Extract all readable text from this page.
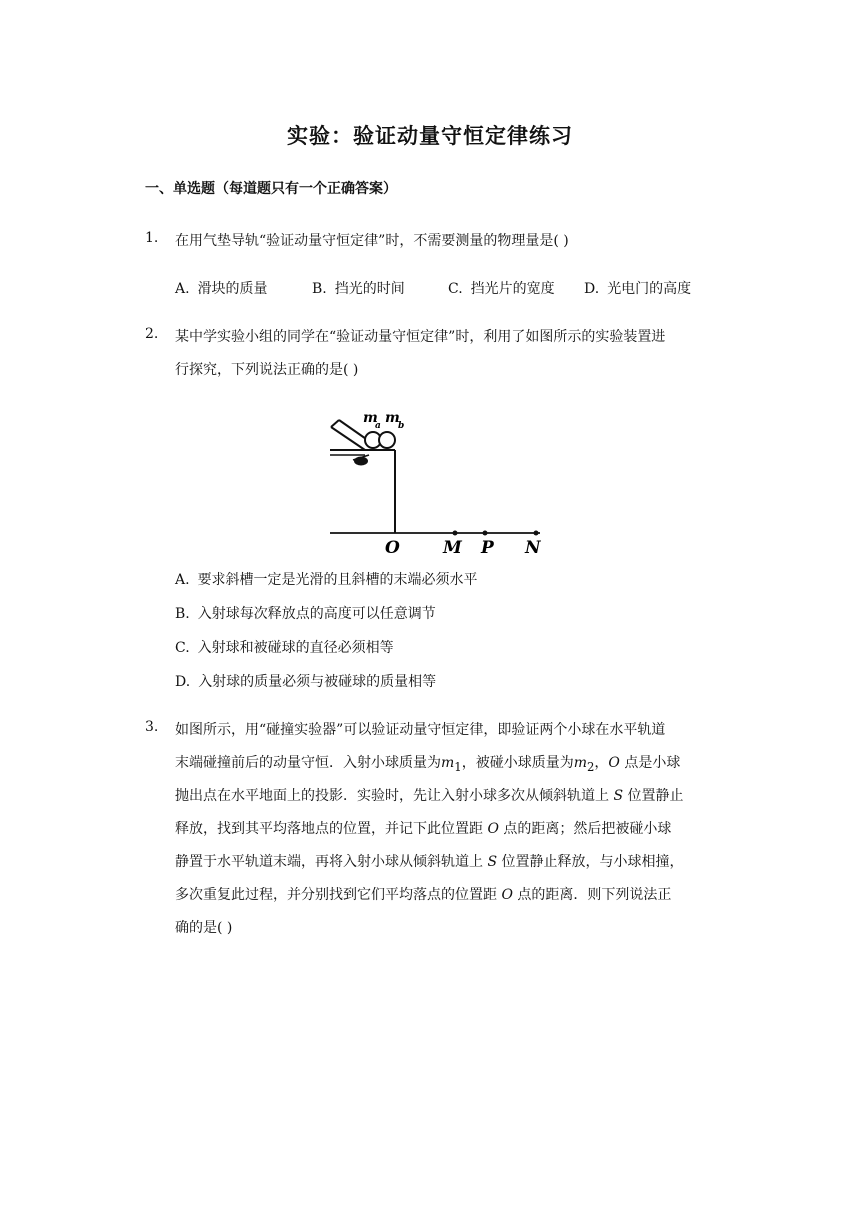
实验：验证动量守恒定律练习
一、单选题（每道题只有一个正确答案）
1. 在用气垫导轨“验证动量守恒定律”时，不需要测量的物理量是( )
A. 滑块的质量	B. 挡光的时间	C. 挡光片的宽度 D. 光电门的高度
2. 某中学实验小组的同学在“验证动量守恒定律”时，利用了如图所示的实验装置进
行探究，下列说法正确的是( )
m
a m
b
O	M P N
A. 要求斜槽一定是光滑的且斜槽的末端必须水平
B. 入射球每次释放点的高度可以任意调节
C. 入射球和被碰球的直径必须相等
D. 入射球的质量必须与被碰球的质量相等
3. 如图所示，用“碰撞实验器”可以验证动量守恒定律，即验证两个小球在水平轨道
末端碰撞前后的动量守恒．入射小球质量为$m_1$，被碰小球质量为$m_2$，O 点是小球
抛出点在水平地面上的投影．实验时，先让入射小球多次从倾斜轨道上 S 位置静止
释放，找到其平均落地点的位置，并记下此位置距 O 点的距离；然后把被碰小球
静置于水平轨道末端，再将入射小球从倾斜轨道上 S 位置静止释放，与小球相撞，
多次重复此过程，并分别找到它们平均落点的位置距 O 点的距离．则下列说法正
确的是( )
